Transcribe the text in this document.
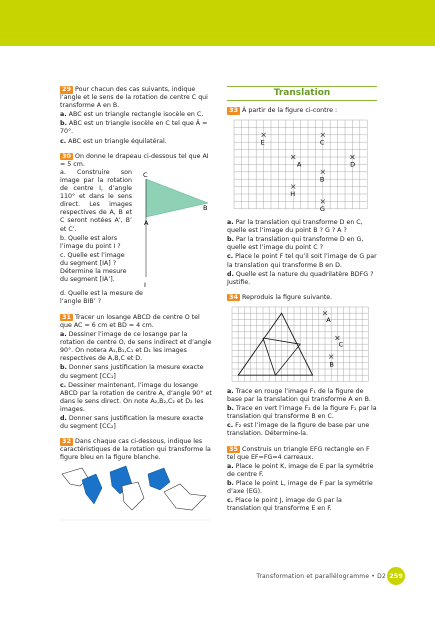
29 Pour chacun des cas suivants, indique l’angle et le sens de la rotation de centre C qui transforme A en B.

a. ABC est un triangle rectangle isocèle en C.

b. ABC est un triangle isocèle en C tel que Â = 70°.

c. ABC est un triangle équilatéral.

30 On donne le drapeau ci-dessous tel que AI = 5 cm.

a. Construire son image par la rotation de centre I, d’angle 110° et dans le sens direct. Les images respectives de A, B et C seront notées A’, B’ et C’.

b. Quelle est alors l’image du point I ?

c. Quelle est l’image du segment [IA] ? Détermine la mesure du segment [IA’].

C
B
A
I

d. Quelle est la mesure de l’angle BIB’ ?

31 Tracer un losange ABCD de centre O tel que AC = 6 cm et BD = 4 cm.

a. Dessiner l’image de ce losange par la rotation de centre O, de sens indirect et d’angle 90°. On notera A₁,B₁,C₁ et D₁ les images respectives de A,B,C et D.

b. Donner sans justification la mesure exacte du segment [CC₁]

c. Dessiner maintenant, l’image du losange ABCD par la rotation de centre A, d’angle 90° et dans le sens direct. On note A₂,B₂,C₂ et D₂ les images.

d. Donner sans justification la mesure exacte du segment [CC₂]

32 Dans chaque cas ci-dessous, indique les caractéristiques de la rotation qui transforme la figure bleu en la figure blanche.

Translation

33 À partir de la figure ci-contre :

E	C
A	D
B
H
G

a. Par la translation qui transforme D en C, quelle est l’image du point B ? G ? A ?

b. Par la translation qui transforme D en G, quelle est l’image du point C ?

c. Place le point F tel qu’il soit l’image de G par la translation qui transforme B en D.

d. Quelle est la nature du quadrilatère BDFG ? Justifie.

34 Reproduis la figure suivante.

A
C
B

a. Trace en rouge l’image F₁ de la figure de base par la translation qui transforme A en B.

b. Trace en vert l’image F₂ de la figure F₁ par la translation qui transforme B en C.

c. F₂ est l’image de la figure de base par une translation. Détermine-la.

35 Construis un triangle EFG rectangle en F tel que EF=FG=4 carreaux.

a. Place le point K, image de E par la symétrie de centre F.

b. Place le point L, image de F par la symétrie d’axe (EG).

c. Place le point J, image de G par la translation qui transforme E en F.

Transformation et parallélogramme • D2 259
